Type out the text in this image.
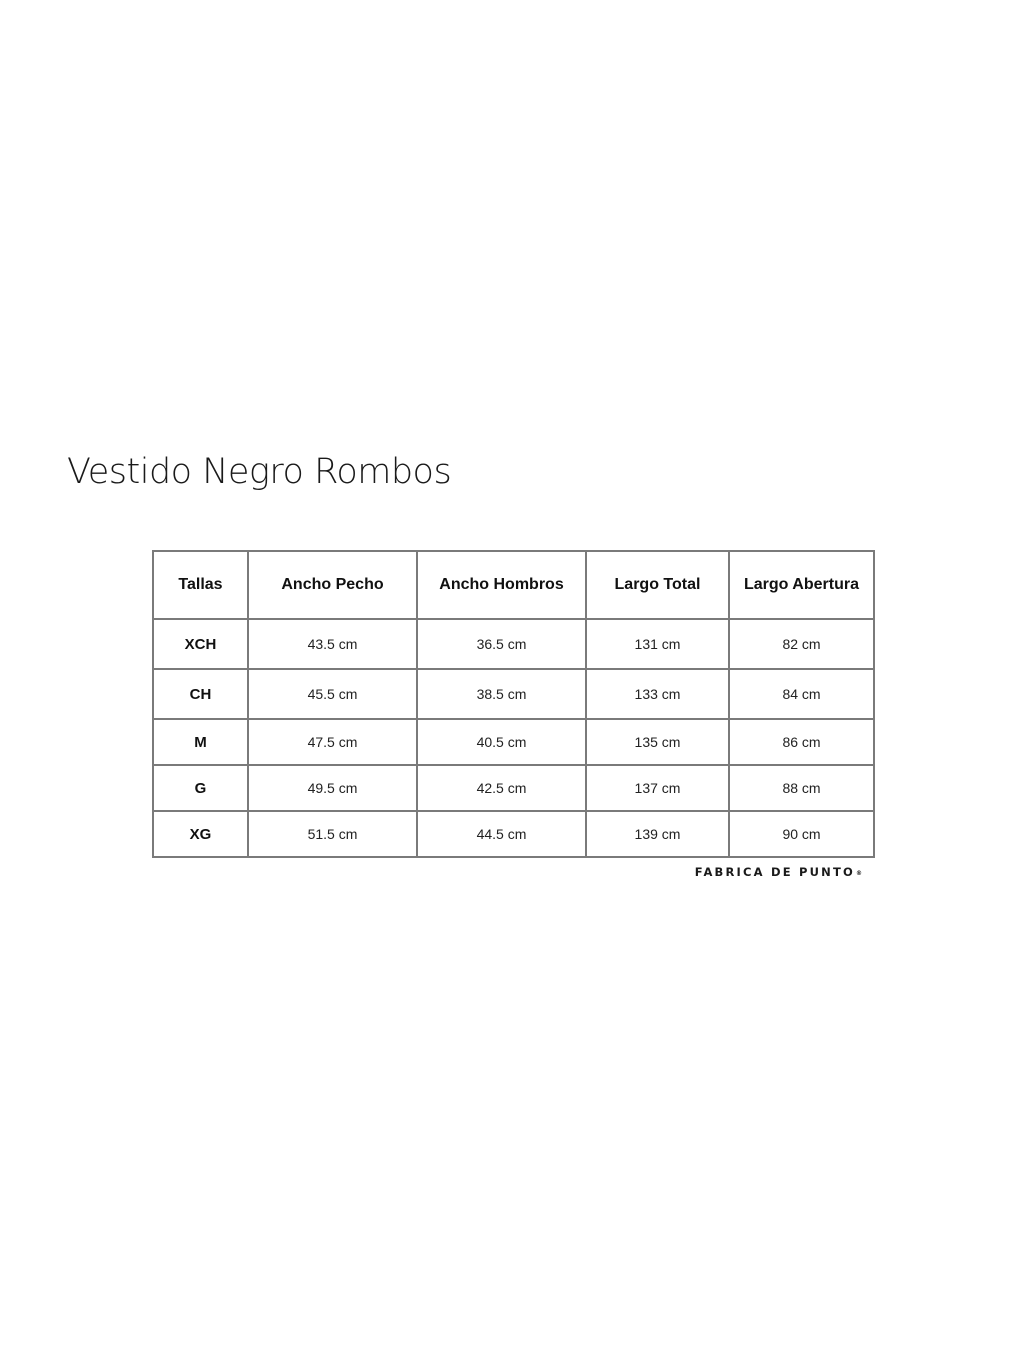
Vestido Negro Rombos
Tallas	Ancho Pecho	Ancho Hombros	Largo Total	Largo Abertura
XCH	43.5 cm	36.5 cm	131 cm	82 cm
CH	45.5 cm	38.5 cm	133 cm	84 cm
M	47.5 cm	40.5 cm	135 cm	86 cm
G	49.5 cm	42.5 cm	137 cm	88 cm
XG	51.5 cm	44.5 cm	139 cm	90 cm
FABRICA DE PUNTO®
